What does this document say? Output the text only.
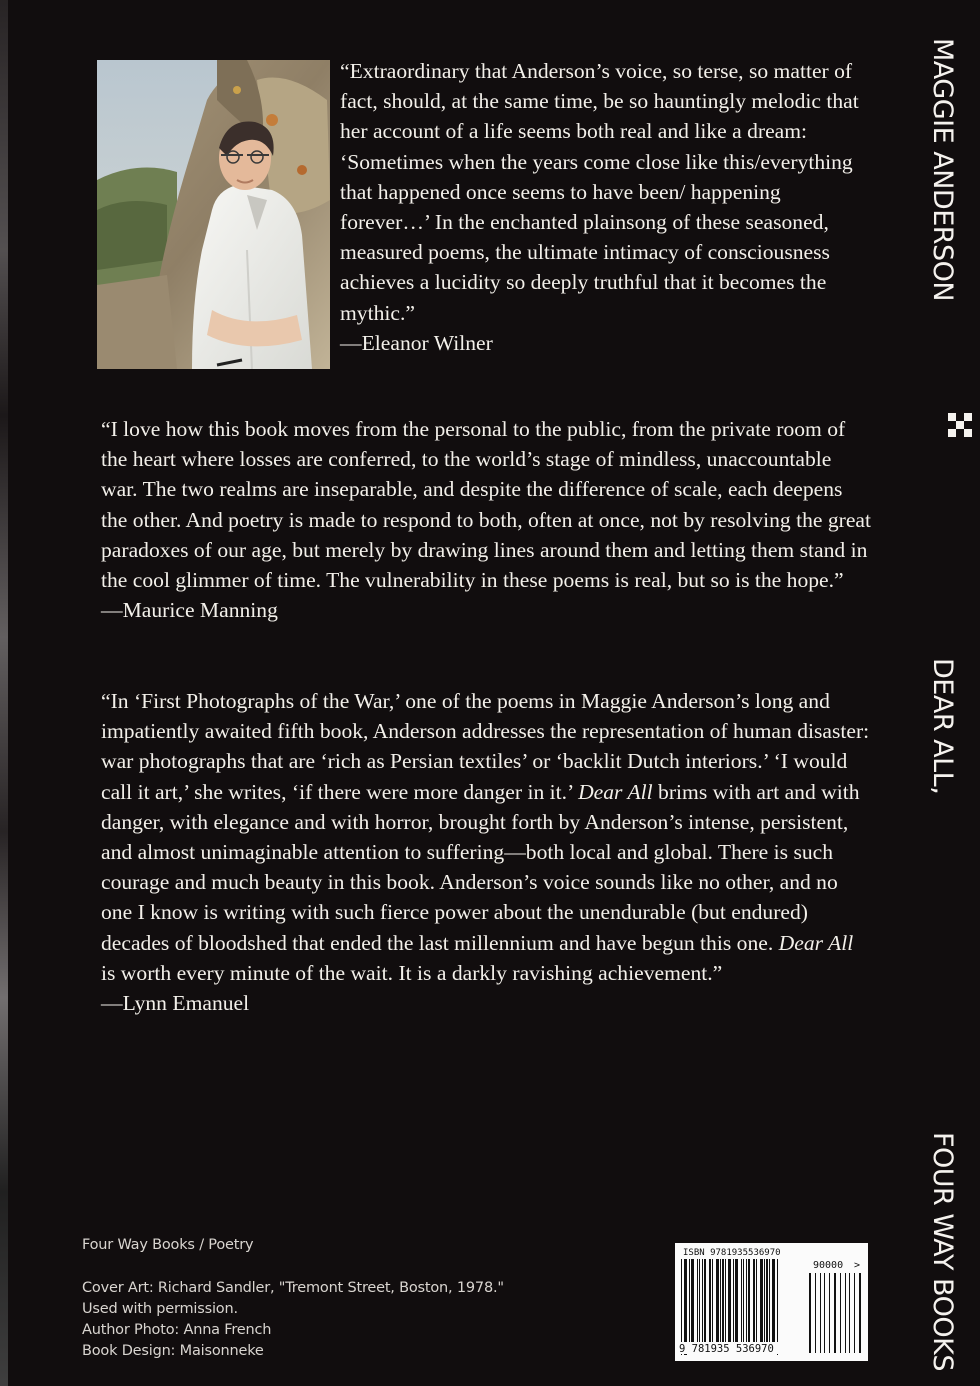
“Extraordinary that Anderson’s voice, so terse, so matter of fact, should, at the same time, be so hauntingly melodic that her account of a life seems both real and like a dream: ‘Sometimes when the years come close like this/everything that happened once seems to have been/ happening forever…’ In the enchanted plainsong of these seasoned, measured poems, the ultimate intimacy of consciousness achieves a lucidity so deeply truthful that it becomes the mythic.”

—Eleanor Wilner

“I love how this book moves from the personal to the public, from the private room of the heart where losses are conferred, to the world’s stage of mindless, unaccountable war. The two realms are inseparable, and despite the difference of scale, each deepens the other. And poetry is made to respond to both, often at once, not by resolving the great paradoxes of our age, but merely by drawing lines around them and letting them stand in the cool glimmer of time. The vulnerability in these poems is real, but so is the hope.”

—Maurice Manning

“In ‘First Photographs of the War,’ one of the poems in Maggie Anderson’s long and impatiently awaited fifth book, Anderson addresses the representation of human disaster: war photographs that are ‘rich as Persian textiles’ or ‘backlit Dutch interiors.’ ‘I would call it art,’ she writes, ‘if there were more danger in it.’ Dear All brims with art and with danger, with elegance and with horror, brought forth by Anderson’s intense, persistent, and almost unimaginable attention to suffering—both local and global. There is such courage and much beauty in this book. Anderson’s voice sounds like no other, and no one I know is writing with such fierce power about the unendurable (but endured) decades of bloodshed that ended the last millennium and have begun this one. Dear All is worth every minute of the wait. It is a darkly ravishing achievement.”

—Lynn Emanuel

MAGGIE ANDERSON
DEAR ALL,
FOUR WAY BOOKS
Four Way Books / Poetry
Cover Art: Richard Sandler, "Tremont Street, Boston, 1978."
Used with permission.
Author Photo: Anna French
Book Design: Maisonneke
ISBN 9781935536970
90000 >
9 781935 536970
